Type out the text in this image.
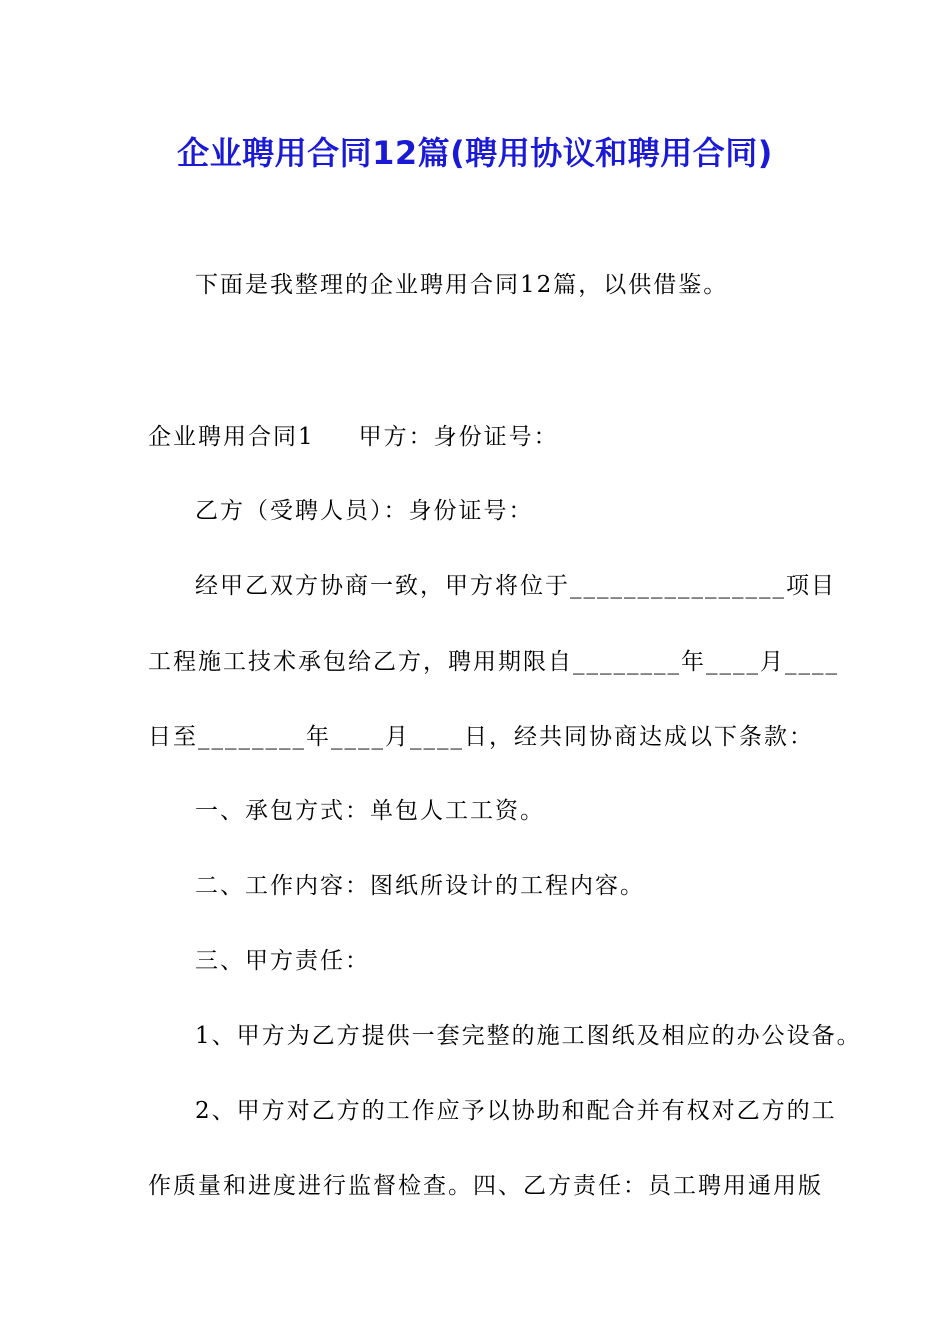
企业聘用合同12篇(聘用协议和聘用合同)
下面是我整理的企业聘用合同12篇，以供借鉴。
企业聘用合同1 甲方：身份证号：
乙方（受聘人员）：身份证号：
经甲乙双方协商一致，甲方将位于________________项目
工程施工技术承包给乙方，聘用期限自________年____月____
日至________年____月____日，经共同协商达成以下条款：
一、承包方式：单包人工工资。
二、工作内容：图纸所设计的工程内容。
三、甲方责任：
1、甲方为乙方提供一套完整的施工图纸及相应的办公设备。
2、甲方对乙方的工作应予以协助和配合并有权对乙方的工
作质量和进度进行监督检查。四、乙方责任：员工聘用通用版
